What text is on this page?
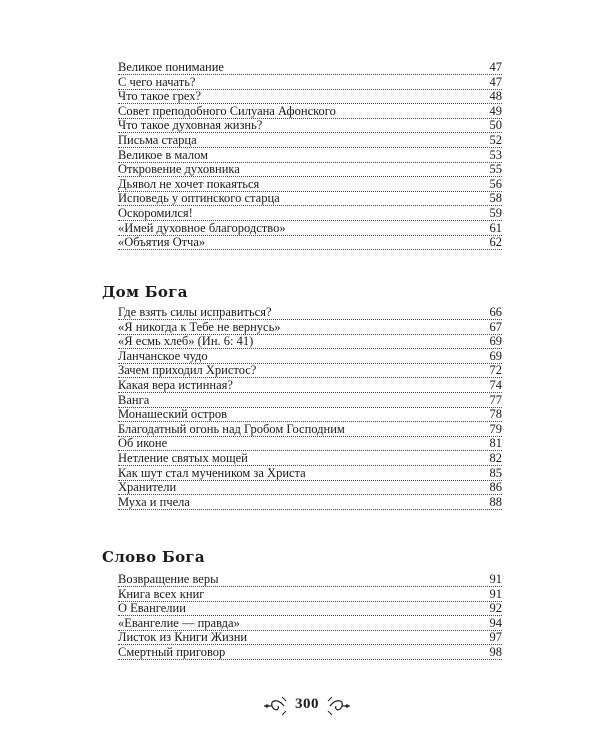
Великое понимание	47
С чего начать?	47
Что такое грех?	48
Совет преподобного Силуана Афонского	49
Что такое духовная жизнь?	50
Письма старца	52
Великое в малом	53
Откровение духовника	55
Дьявол не хочет покаяться	56
Исповедь у оптинского старца	58
Оскоромился!	59
«Имей духовное благородство»	61
«Объятия Отча»	62
Дом Бога
Где взять силы исправиться?	66
«Я никогда к Тебе не вернусь»	67
«Я есмь хлеб» (Ин. 6: 41)	69
Ланчанское чудо	69
Зачем приходил Христос?	72
Какая вера истинная?	74
Ванга	77
Монашеский остров	78
Благодатный огонь над Гробом Господним	79
Об иконе	81
Нетление святых мощей	82
Как шут стал мучеником за Христа	85
Хранители	86
Муха и пчела	88
Слово Бога
Возвращение веры	91
Книга всех книг	91
О Евангелии	92
«Евангелие — правда»	94
Листок из Книги Жизни	97
Смертный приговор	98
300
